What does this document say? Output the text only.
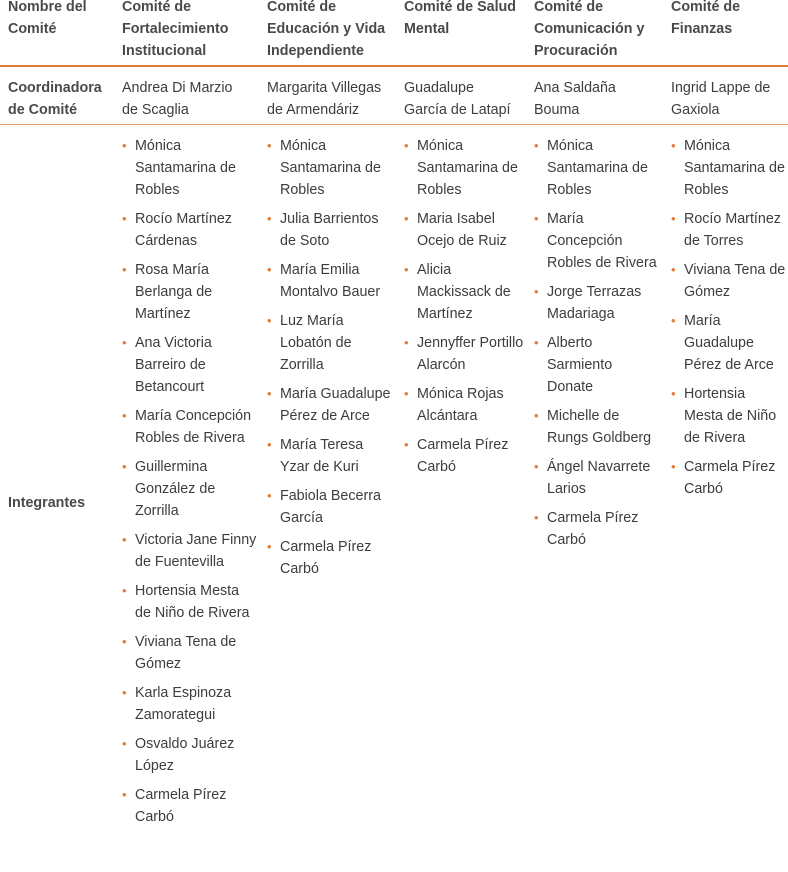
Nombre del Comité
Comité de Fortalecimiento Institucional
Comité de Educación y Vida Independiente
Comité de Salud Mental
Comité de Comunicación y Procuración
Comité de Finanzas
Coordinadora de Comité
Andrea Di Marzio de Scaglia
Margarita Villegas de Armendáriz
Guadalupe García de Latapí
Ana Saldaña Bouma
Ingrid Lappe de Gaxiola
Integrantes
• Mónica Santamarina de Robles
• Rocío Martínez Cárdenas
• Rosa María Berlanga de Martínez
• Ana Victoria Barreiro de Betancourt
• María Concepción Robles de Rivera
• Guillermina González de Zorrilla
• Victoria Jane Finny de Fuentevilla
• Hortensia Mesta de Niño de Rivera
• Viviana Tena de Gómez
• Karla Espinoza Zamorategui
• Osvaldo Juárez López
• Carmela Pírez Carbó
• Mónica Santamarina de Robles
• Julia Barrientos de Soto
• María Emilia Montalvo Bauer
• Luz María Lobatón de Zorrilla
• María Guadalupe Pérez de Arce
• María Teresa Yzar de Kuri
• Fabiola Becerra García
• Carmela Pírez Carbó
• Mónica Santamarina de Robles
• Maria Isabel Ocejo de Ruiz
• Alicia Mackissack de Martínez
• Jennyffer Portillo Alarcón
• Mónica Rojas Alcántara
• Carmela Pírez Carbó
• Mónica Santamarina de Robles
• María Concepción Robles de Rivera
• Jorge Terrazas Madariaga
• Alberto Sarmiento Donate
• Michelle de Rungs Goldberg
• Ángel Navarrete Larios
• Carmela Pírez Carbó
• Mónica Santamarina de Robles
• Rocío Martínez de Torres
• Viviana Tena de Gómez
• María Guadalupe Pérez de Arce
• Hortensia Mesta de Niño de Rivera
• Carmela Pírez Carbó
